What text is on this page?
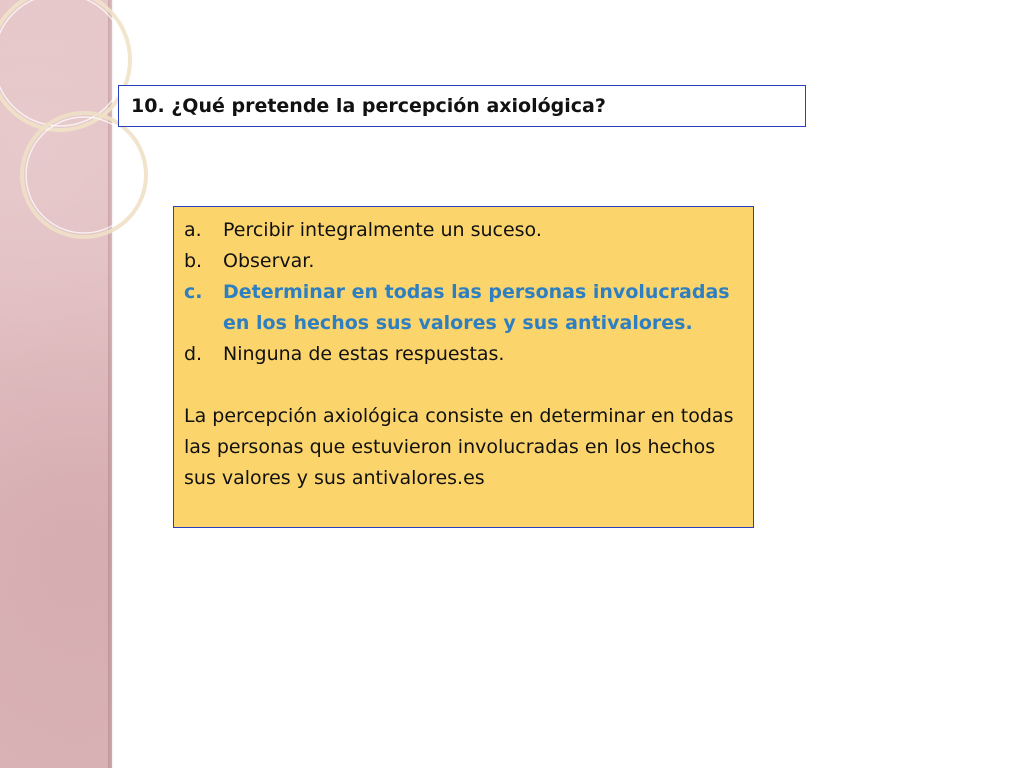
10. ¿Qué pretende la percepción axiológica?
a. Percibir integralmente un suceso.
b. Observar.
c. Determinar en todas las personas involucradas en los hechos sus valores y sus antivalores.
d. Ninguna de estas respuestas.
La percepción axiológica consiste en determinar en todas las personas que estuvieron involucradas en los hechos sus valores y sus antivalores.es
